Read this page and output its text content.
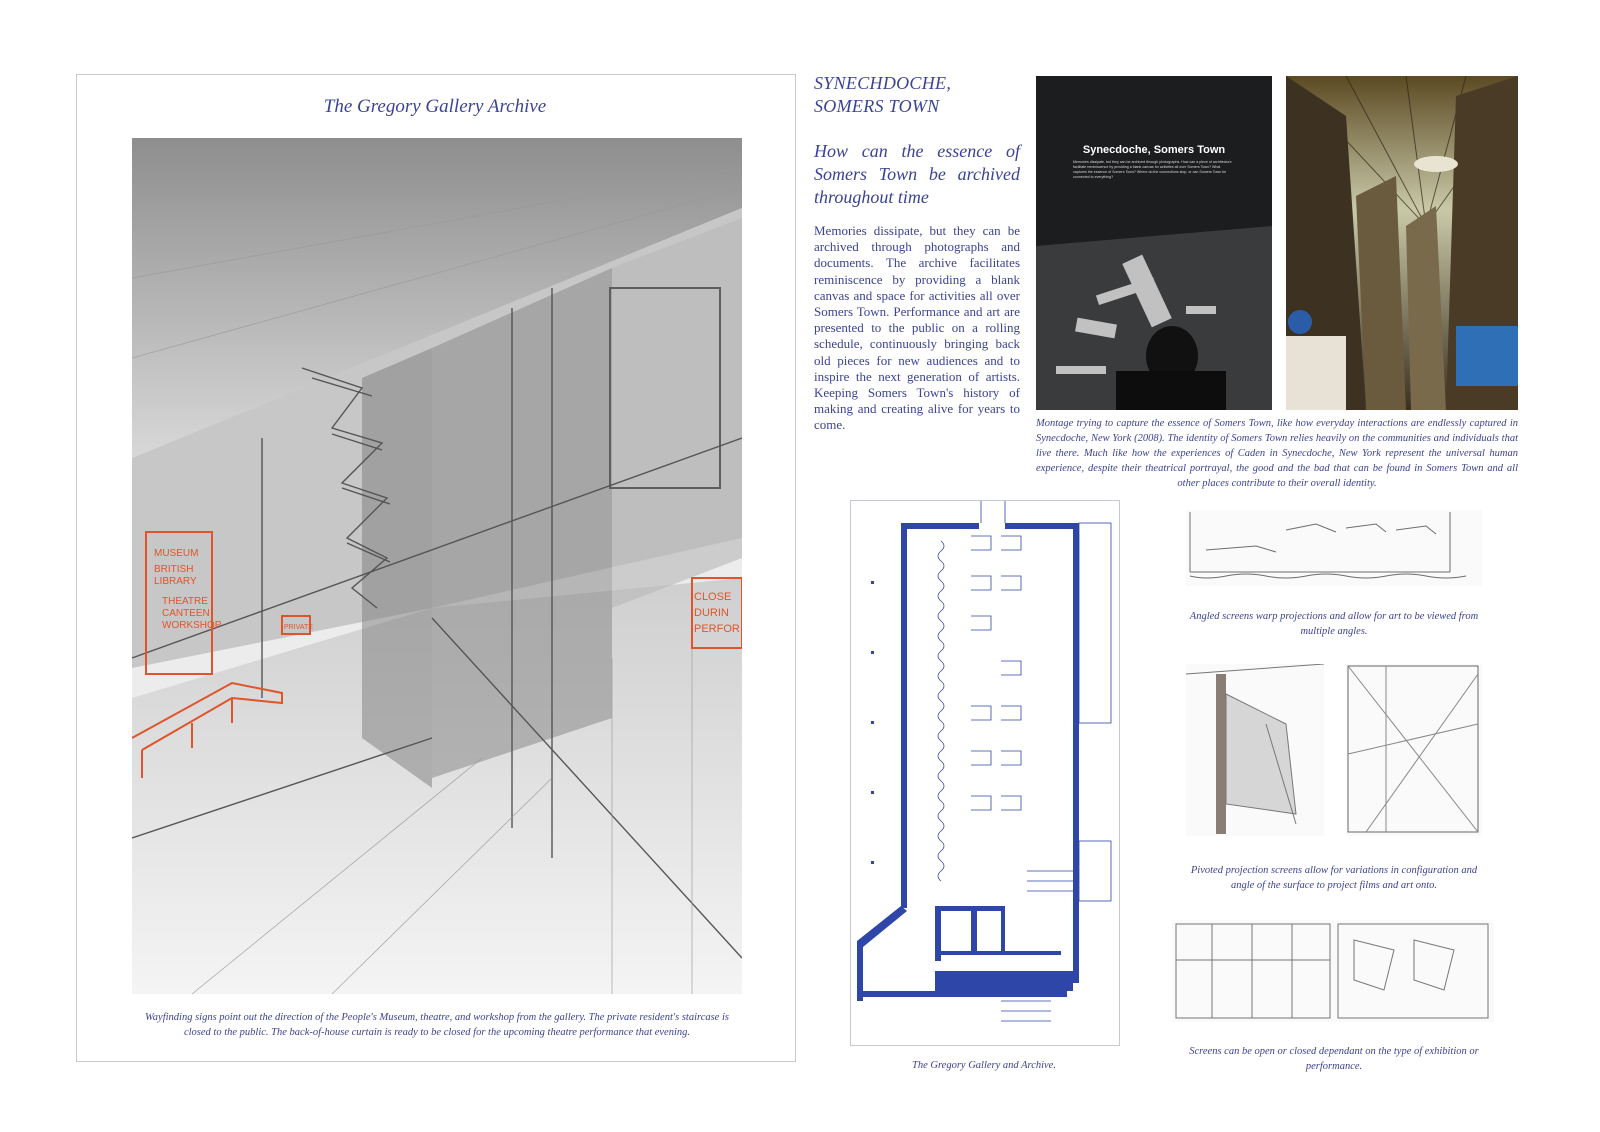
The Gregory Gallery Archive
MUSEUM
BRITISH
LIBRARY
THEATRE
CANTEEN
WORKSHOP	PRIVATE
CLOSE
DURIN
PERFOR
Wayfinding signs point out the direction of the People's Museum, theatre, and workshop from the gallery. The private resident's staircase is closed to the public. The back-of-house curtain is ready to be closed for the upcoming theatre performance that evening.
SYNECHDOCHE,
SOMERS TOWN
How can the essence of Somers Town be archived throughout time
Memories dissipate, but they can be archived through photographs and documents. The archive facilitates reminiscence by providing a blank canvas and space for activities all over Somers Town. Performance and art are presented to the public on a rolling schedule, continuously bringing back old pieces for new audiences and to inspire the next generation of artists. Keeping Somers Town's history of making and creating alive for years to come.
Synecdoche, Somers Town
Memories dissipate, but they can be archived through photographs. How can a piece of architecture facilitate reminiscence by providing a blank canvas for activities all over Somers Town? What captures the essence of Somers Town? Where do the connections stop, or can Somers Town be connected to everything?
Montage trying to capture the essence of Somers Town, like how everyday interactions are endlessly captured in Synecdoche, New York (2008). The identity of Somers Town relies heavily on the communities and individuals that live there. Much like how the experiences of Caden in Synecdoche, New York represent the universal human experience, despite their theatrical portrayal, the good and the bad that can be found in Somers Town and all other places contribute to their overall identity.
The Gregory Gallery and Archive.
Angled screens warp projections and allow for art to be viewed from multiple angles.
Pivoted projection screens allow for variations in configuration and angle of the surface to project films and art onto.
Screens can be open or closed dependant on the type of exhibition or performance.
